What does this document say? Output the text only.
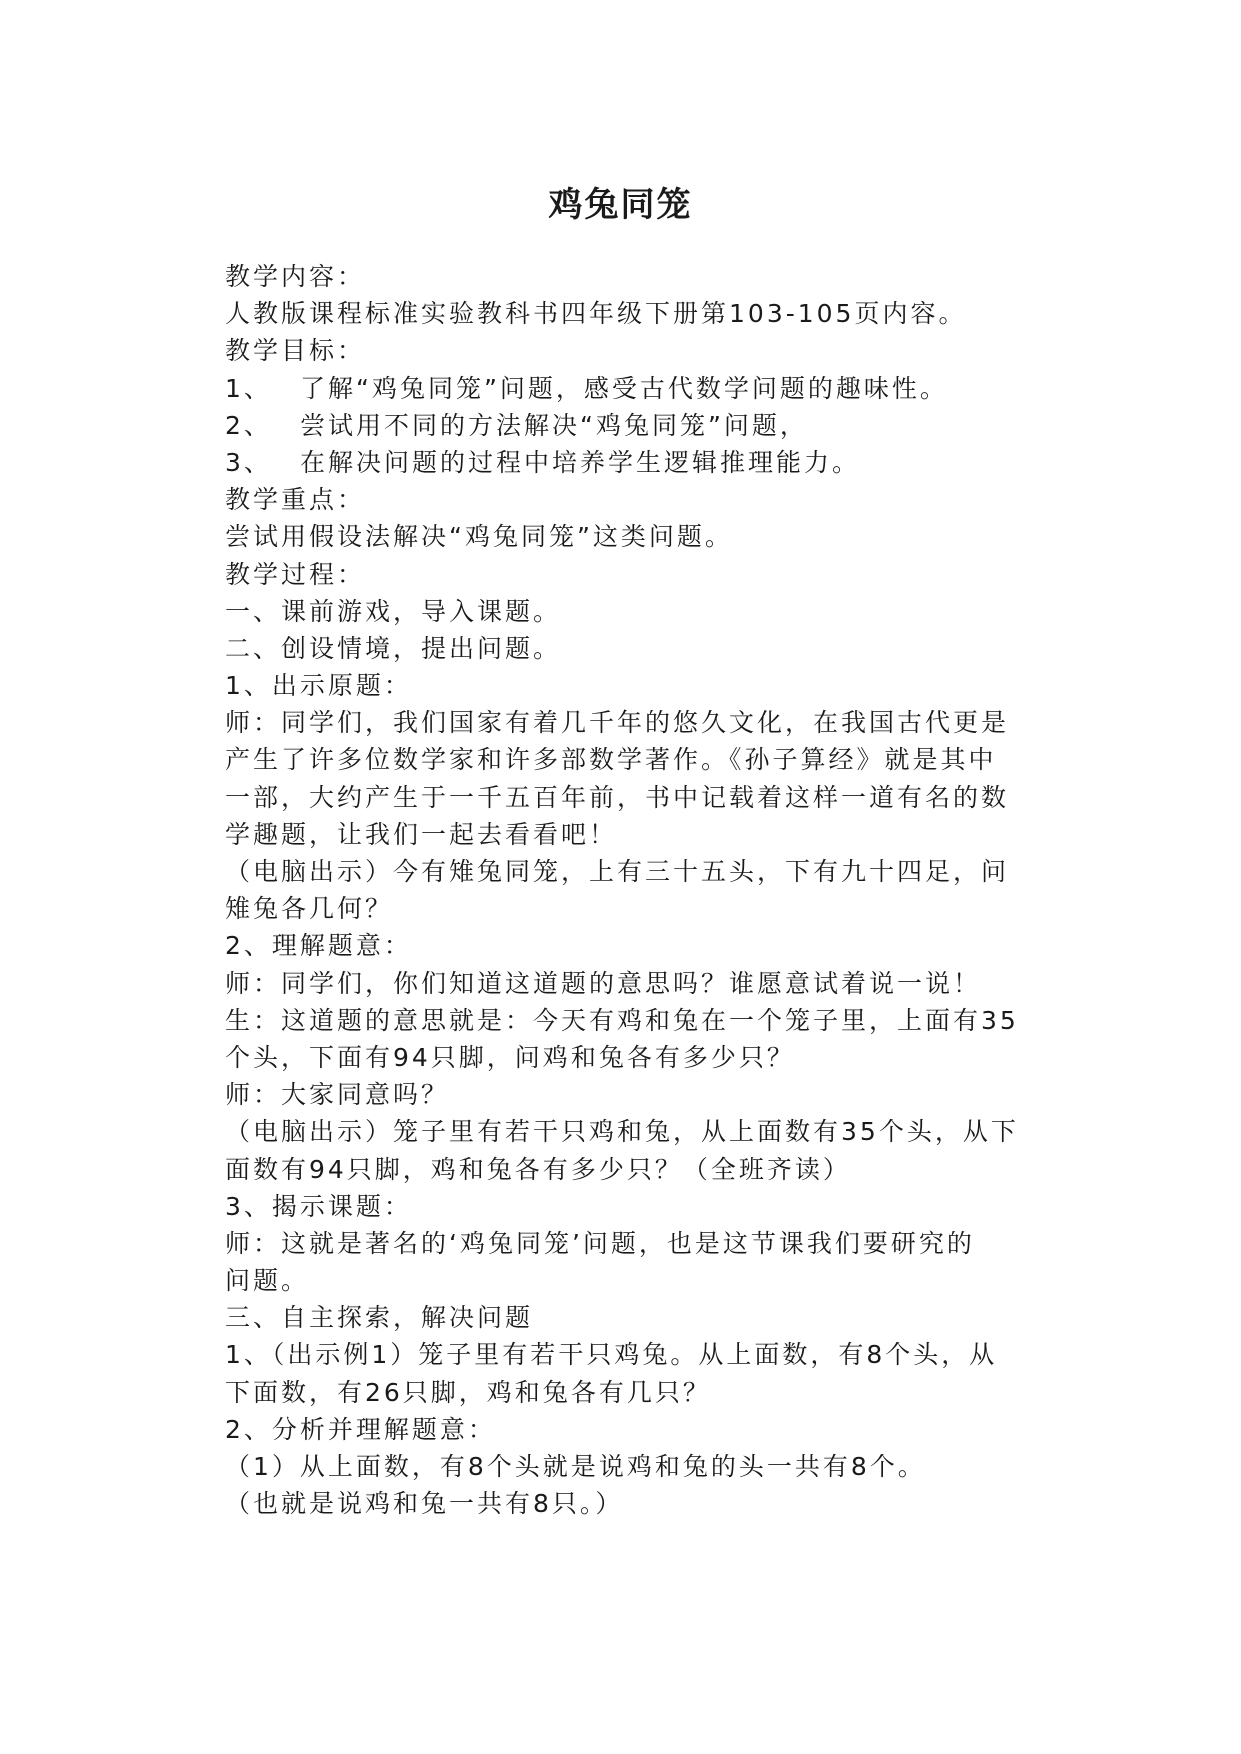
鸡兔同笼
教学内容：
人教版课程标准实验教科书四年级下册第103-105页内容。
教学目标：
1、 了解“鸡兔同笼”问题，感受古代数学问题的趣味性。
2、 尝试用不同的方法解决“鸡兔同笼”问题，
3、 在解决问题的过程中培养学生逻辑推理能力。
教学重点：
尝试用假设法解决“鸡兔同笼”这类问题。
教学过程：
一、课前游戏，导入课题。
二、创设情境，提出问题。
1、出示原题：
师：同学们，我们国家有着几千年的悠久文化，在我国古代更是
产生了许多位数学家和许多部数学著作。《孙子算经》就是其中
一部，大约产生于一千五百年前，书中记载着这样一道有名的数
学趣题，让我们一起去看看吧！
（电脑出示）今有雉兔同笼，上有三十五头，下有九十四足，问
雉兔各几何？
2、理解题意：
师：同学们，你们知道这道题的意思吗？谁愿意试着说一说！
生：这道题的意思就是：今天有鸡和兔在一个笼子里，上面有35
个头，下面有94只脚，问鸡和兔各有多少只？
师：大家同意吗？
（电脑出示）笼子里有若干只鸡和兔，从上面数有35个头，从下
面数有94只脚，鸡和兔各有多少只？（全班齐读）
3、揭示课题：
师：这就是著名的‘鸡兔同笼’问题，也是这节课我们要研究的
问题。
三、自主探索，解决问题
1、（出示例1）笼子里有若干只鸡兔。从上面数，有8个头，从
下面数，有26只脚，鸡和兔各有几只？
2、分析并理解题意：
（1）从上面数，有8个头就是说鸡和兔的头一共有8个。
（也就是说鸡和兔一共有8只。）
